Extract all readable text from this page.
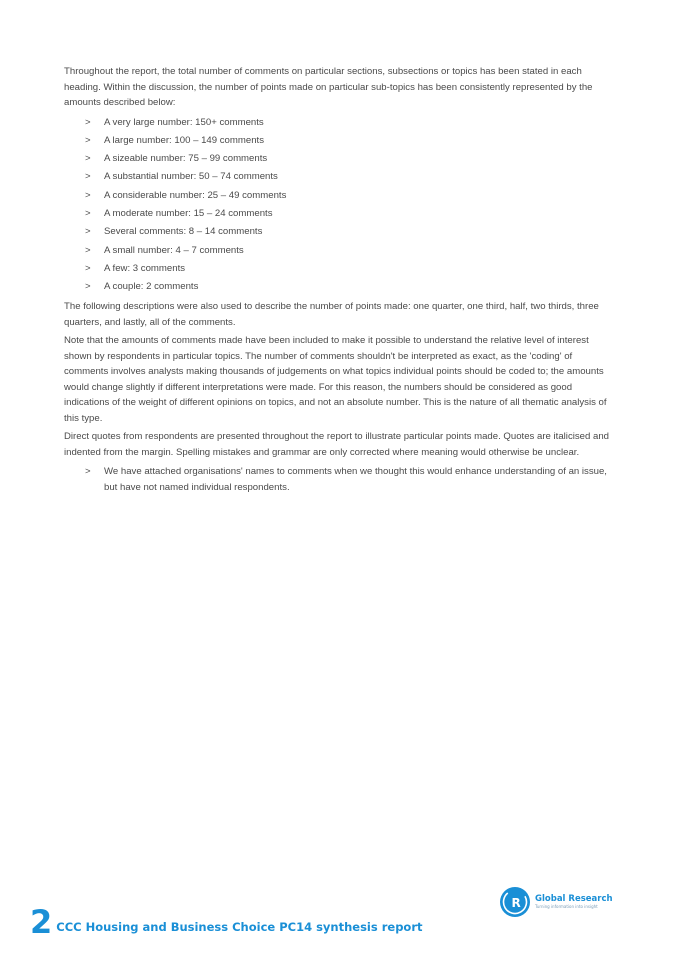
Throughout the report, the total number of comments on particular sections, subsections or topics has been stated in each heading. Within the discussion, the number of points made on particular sub-topics has been consistently represented by the amounts described below:

> A very large number: 150+ comments
> A large number: 100 – 149 comments
> A sizeable number: 75 – 99 comments
> A substantial number: 50 – 74 comments
> A considerable number: 25 – 49 comments
> A moderate number: 15 – 24 comments
> Several comments: 8 – 14 comments
> A small number: 4 – 7 comments
> A few: 3 comments
> A couple: 2 comments

The following descriptions were also used to describe the number of points made: one quarter, one third, half, two thirds, three quarters, and lastly, all of the comments.

Note that the amounts of comments made have been included to make it possible to understand the relative level of interest shown by respondents in particular topics. The number of comments shouldn't be interpreted as exact, as the 'coding' of comments involves analysts making thousands of judgements on what topics individual points should be coded to; the amounts would change slightly if different interpretations were made. For this reason, the numbers should be considered as good indications of the weight of different opinions on topics, and not an absolute number. This is the nature of all thematic analysis of this type.

Direct quotes from respondents are presented throughout the report to illustrate particular points made. Quotes are italicised and indented from the margin. Spelling mistakes and grammar are only corrected where meaning would otherwise be unclear.

> We have attached organisations' names to comments when we thought this would enhance understanding of an issue, but have not named individual respondents.
R Global Research
Turning information into insight
2 CCC Housing and Business Choice PC14 synthesis report
